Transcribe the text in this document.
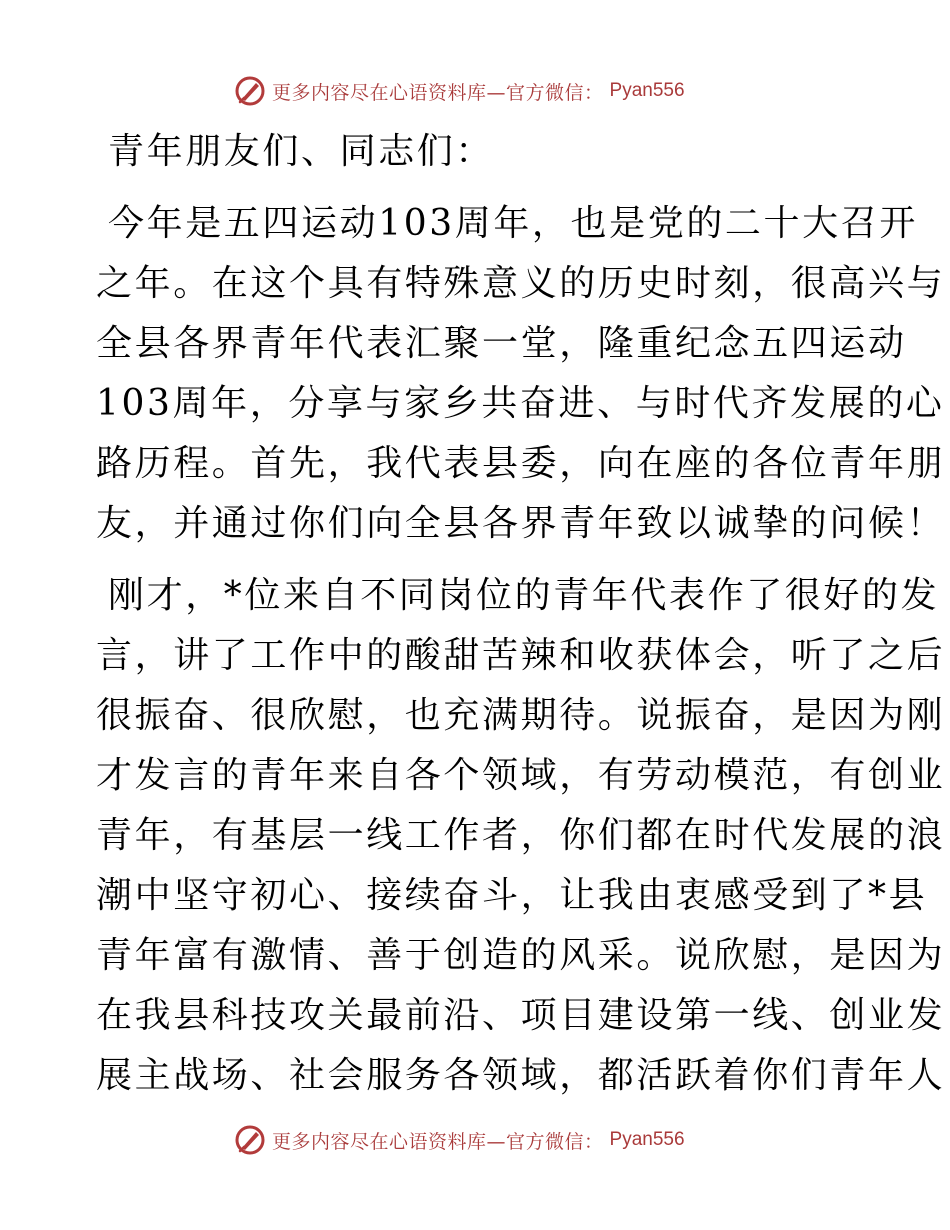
更多内容尽在心语资料库—官方微信： Pyan556

青年朋友们、同志们：

今年是五四运动103周年，也是党的二十大召开

之年。在这个具有特殊意义的历史时刻，很高兴与

全县各界青年代表汇聚一堂，隆重纪念五四运动

103周年，分享与家乡共奋进、与时代齐发展的心

路历程。首先，我代表县委，向在座的各位青年朋

友，并通过你们向全县各界青年致以诚挚的问候！

刚才，*位来自不同岗位的青年代表作了很好的发

言，讲了工作中的酸甜苦辣和收获体会，听了之后

很振奋、很欣慰，也充满期待。说振奋，是因为刚

才发言的青年来自各个领域，有劳动模范，有创业

青年，有基层一线工作者，你们都在时代发展的浪

潮中坚守初心、接续奋斗，让我由衷感受到了*县

青年富有激情、善于创造的风采。说欣慰，是因为

在我县科技攻关最前沿、项目建设第一线、创业发

展主战场、社会服务各领域，都活跃着你们青年人

更多内容尽在心语资料库—官方微信： Pyan556
